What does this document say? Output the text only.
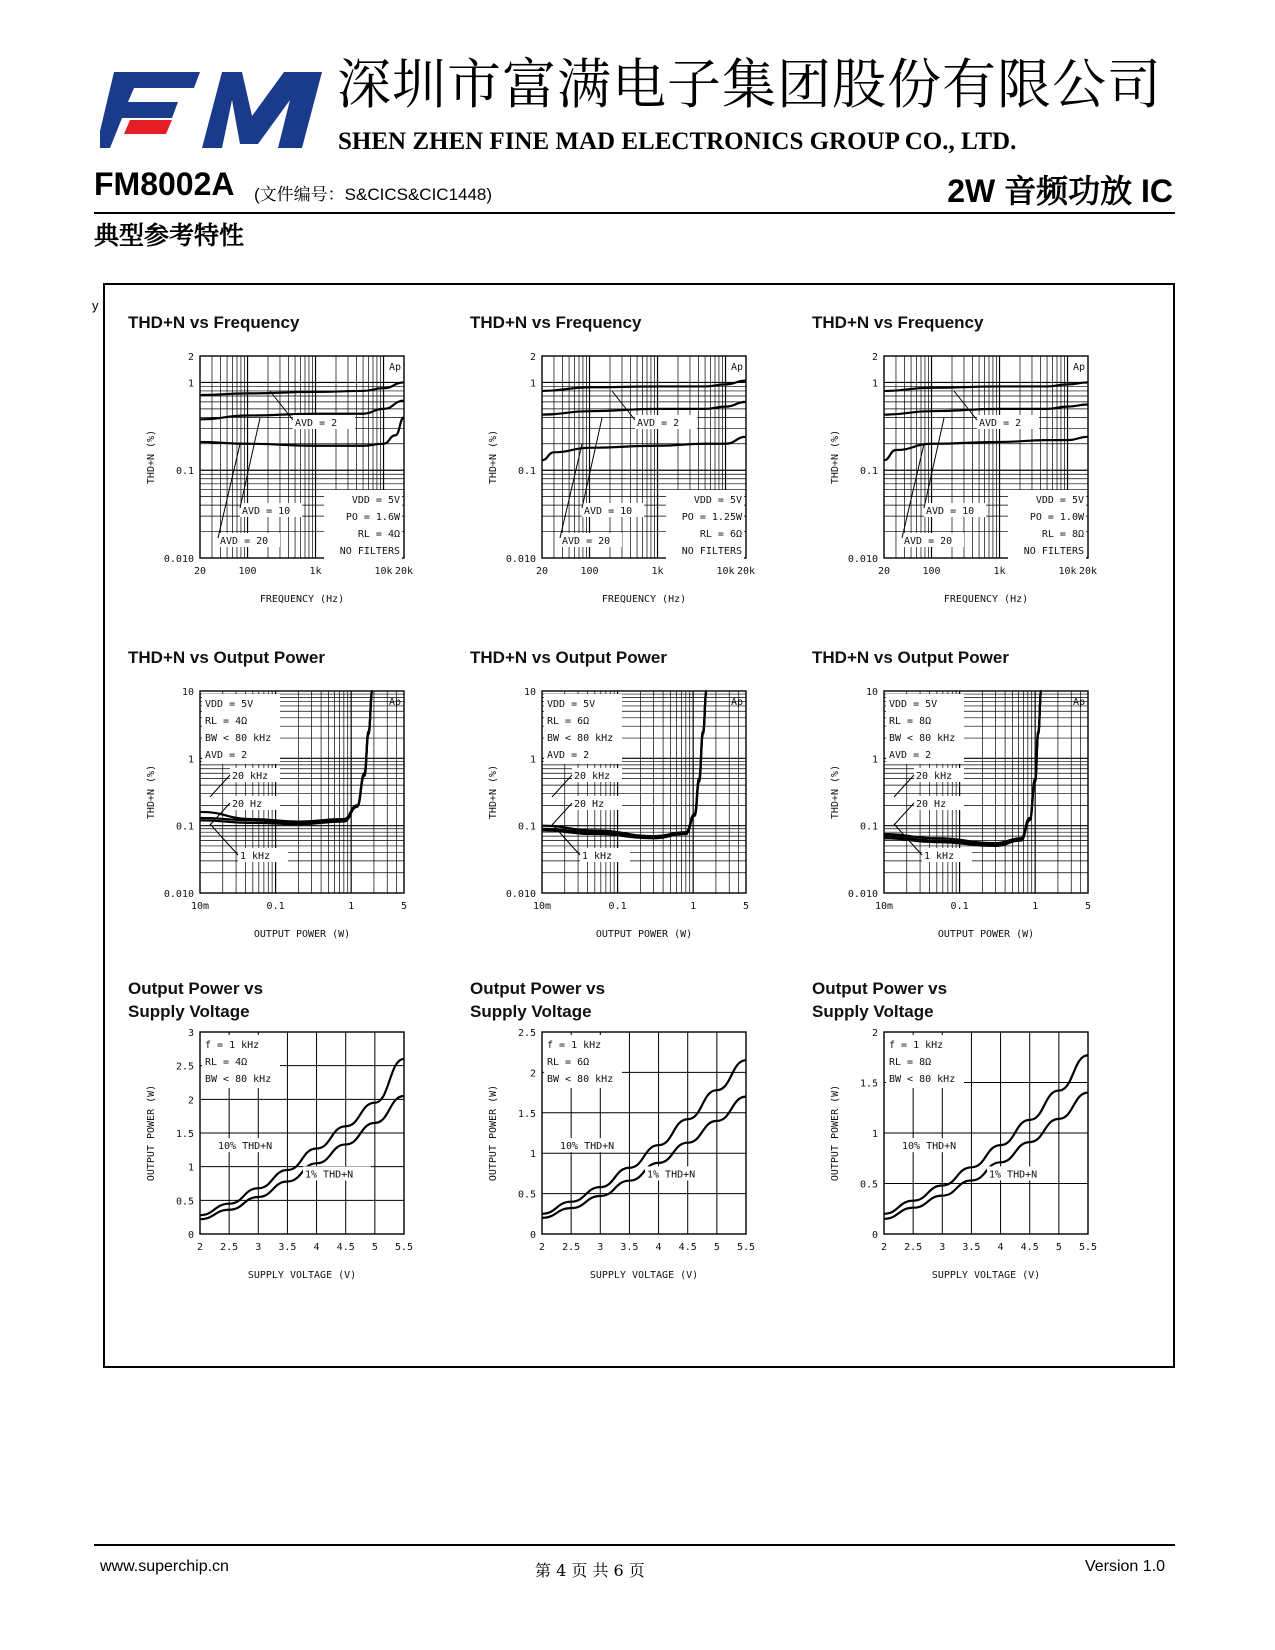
深圳市富满电子集团股份有限公司
SHEN ZHEN FINE MAD ELECTRONICS GROUP CO., LTD.
FM8002A (文件编号：S&CICS&CIC1448)	2W 音频功放 IC
典型参考特性
y
THD+N vs Frequency
2
1
0.1
0.010
20	100	1k	10k 20k
FREQUENCY (Hz)
THD+N (%)
Ap
VDD = 5V
PO = 1.6W
RL = 4Ω
NO FILTERS
AVD = 2
AVD = 10
AVD = 20
THD+N vs Frequency
2
1
0.1
0.010
20	100	1k	10k 20k
FREQUENCY (Hz)
THD+N (%)
Ap
VDD = 5V
PO = 1.25W
RL = 6Ω
NO FILTERS
AVD = 2
AVD = 10
AVD = 20
THD+N vs Frequency
2
1
0.1
0.010
20	100	1k	10k 20k
FREQUENCY (Hz)
THD+N (%)
Ap
VDD = 5V
PO = 1.0W
RL = 8Ω
NO FILTERS
AVD = 2
AVD = 10
AVD = 20
THD+N vs Output Power
10
1
0.1
0.010
10m	0.1	1	5
OUTPUT POWER (W)
THD+N (%)
Ap
VDD = 5V
RL = 4Ω
BW < 80 kHz
AVD = 2
20 kHz
20 Hz
1 kHz
THD+N vs Output Power
10
1
0.1
0.010
10m	0.1	1	5
OUTPUT POWER (W)
THD+N (%)
Ap
VDD = 5V
RL = 6Ω
BW < 80 kHz
AVD = 2
20 kHz
20 Hz
1 kHz
THD+N vs Output Power
10
1
0.1
0.010
10m	0.1	1	5
OUTPUT POWER (W)
THD+N (%)
Ap
VDD = 5V
RL = 8Ω
BW < 80 kHz
AVD = 2
20 kHz
20 Hz
1 kHz
Output Power vs
Supply Voltage
3
2.5
2
1.5
1
0.5
0
2 2.5 3 3.5 4 4.5 5 5.5
SUPPLY VOLTAGE (V)
OUTPUT POWER (W)
f = 1 kHz
RL = 4Ω
BW < 80 kHz
10% THD+N
1% THD+N
Output Power vs
Supply Voltage
2.5
2
1.5
1
0.5
0
2 2.5 3 3.5 4 4.5 5 5.5
SUPPLY VOLTAGE (V)
OUTPUT POWER (W)
f = 1 kHz
RL = 6Ω
BW < 80 kHz
10% THD+N
1% THD+N
Output Power vs
Supply Voltage
2
1.5
1
0.5
0
2 2.5 3 3.5 4 4.5 5 5.5
SUPPLY VOLTAGE (V)
OUTPUT POWER (W)
f = 1 kHz
RL = 8Ω
BW < 80 kHz
10% THD+N
1% THD+N
www.superchip.cn	第 4 页 共 6 页	Version 1.0
